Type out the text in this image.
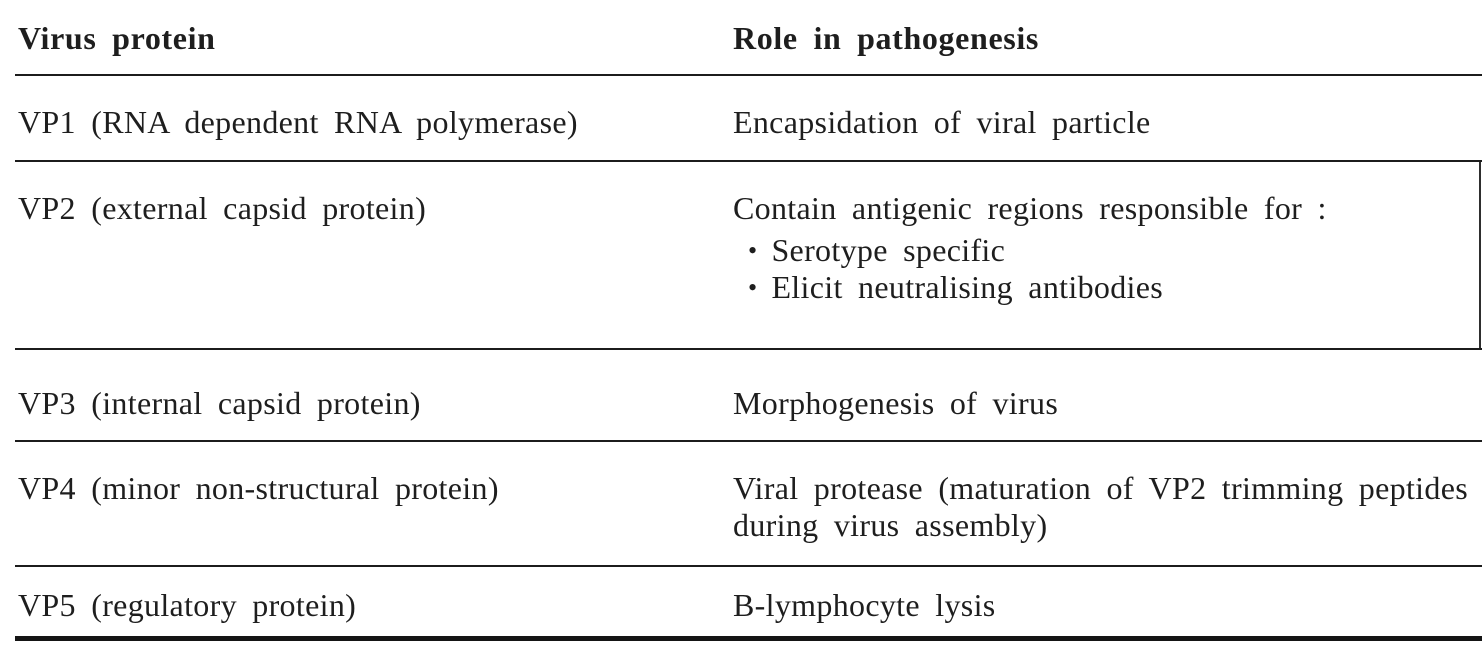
Virus protein	Role in pathogenesis
VP1 (RNA dependent RNA polymerase)	Encapsidation of viral particle
VP2 (external capsid protein)	Contain antigenic regions responsible for :
• Serotype specific
• Elicit neutralising antibodies
VP3 (internal capsid protein)	Morphogenesis of virus
VP4 (minor non-structural protein)	Viral protease (maturation of VP2 trimming peptides
during virus assembly)
VP5 (regulatory protein)	B-lymphocyte lysis
